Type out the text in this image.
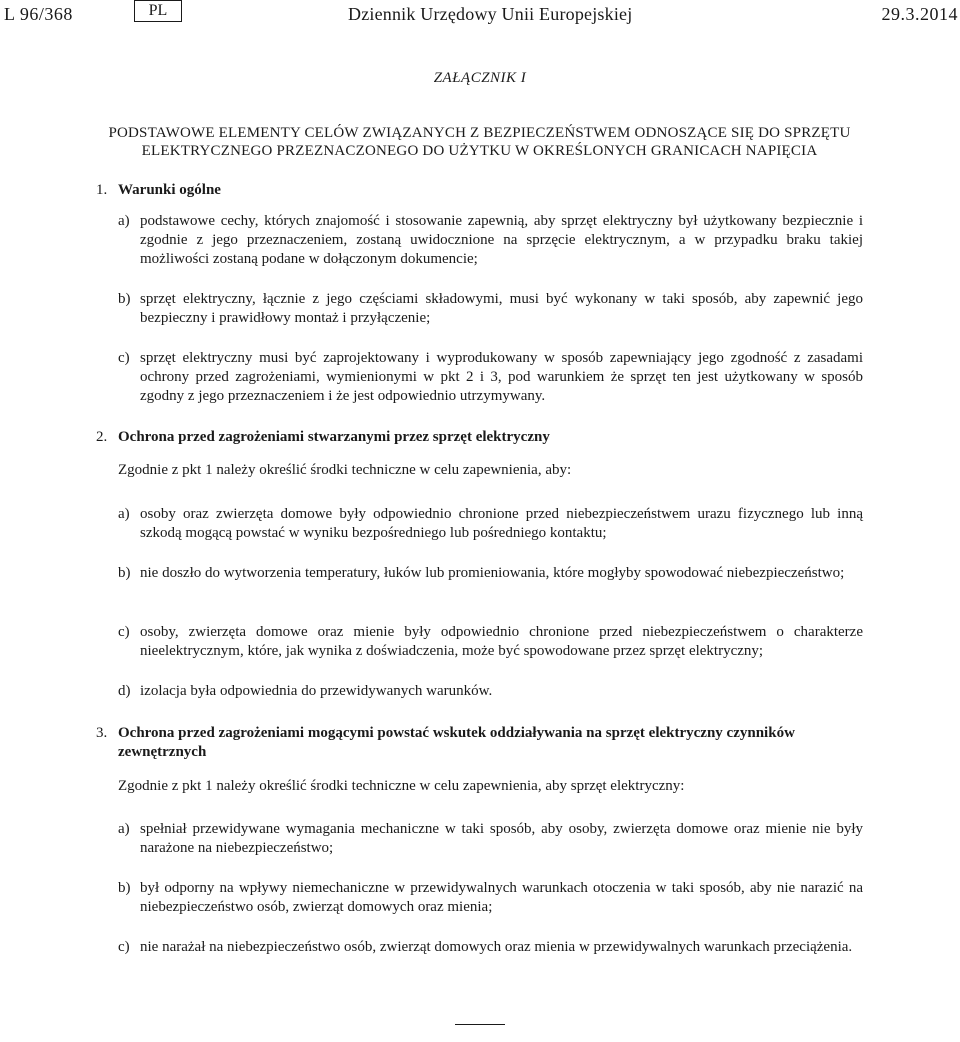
L 96/368	PL	Dziennik Urzędowy Unii Europejskiej	29.3.2014
ZAŁĄCZNIK I
PODSTAWOWE ELEMENTY CELÓW ZWIĄZANYCH Z BEZPIECZEŃSTWEM ODNOSZĄCE SIĘ DO SPRZĘTU ELEKTRYCZNEGO PRZEZNACZONEGO DO UŻYTKU W OKREŚLONYCH GRANICACH NAPIĘCIA
1. Warunki ogólne
a) podstawowe cechy, których znajomość i stosowanie zapewnią, aby sprzęt elektryczny był użytkowany bezpiecznie i zgodnie z jego przeznaczeniem, zostaną uwidocznione na sprzęcie elektrycznym, a w przypadku braku takiej możliwości zostaną podane w dołączonym dokumencie;
b) sprzęt elektryczny, łącznie z jego częściami składowymi, musi być wykonany w taki sposób, aby zapewnić jego bezpieczny i prawidłowy montaż i przyłączenie;
c) sprzęt elektryczny musi być zaprojektowany i wyprodukowany w sposób zapewniający jego zgodność z zasadami ochrony przed zagrożeniami, wymienionymi w pkt 2 i 3, pod warunkiem że sprzęt ten jest użytkowany w sposób zgodny z jego przeznaczeniem i że jest odpowiednio utrzymywany.
2. Ochrona przed zagrożeniami stwarzanymi przez sprzęt elektryczny
Zgodnie z pkt 1 należy określić środki techniczne w celu zapewnienia, aby:
a) osoby oraz zwierzęta domowe były odpowiednio chronione przed niebezpieczeństwem urazu fizycznego lub inną szkodą mogącą powstać w wyniku bezpośredniego lub pośredniego kontaktu;
b) nie doszło do wytworzenia temperatury, łuków lub promieniowania, które mogłyby spowodować niebezpieczeństwo;
c) osoby, zwierzęta domowe oraz mienie były odpowiednio chronione przed niebezpieczeństwem o charakterze nieelektrycznym, które, jak wynika z doświadczenia, może być spowodowane przez sprzęt elektryczny;
d) izolacja była odpowiednia do przewidywanych warunków.
3. Ochrona przed zagrożeniami mogącymi powstać wskutek oddziaływania na sprzęt elektryczny czynników zewnętrznych
Zgodnie z pkt 1 należy określić środki techniczne w celu zapewnienia, aby sprzęt elektryczny:
a) spełniał przewidywane wymagania mechaniczne w taki sposób, aby osoby, zwierzęta domowe oraz mienie nie były narażone na niebezpieczeństwo;
b) był odporny na wpływy niemechaniczne w przewidywalnych warunkach otoczenia w taki sposób, aby nie narazić na niebezpieczeństwo osób, zwierząt domowych oraz mienia;
c) nie narażał na niebezpieczeństwo osób, zwierząt domowych oraz mienia w przewidywalnych warunkach przeciążenia.
